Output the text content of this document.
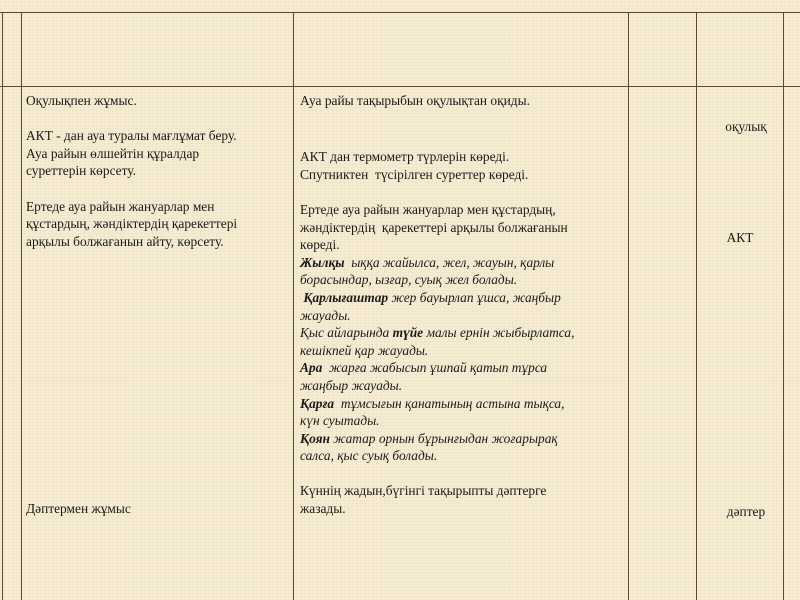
Оқулықпен жұмыс.

АКТ - дан ауа туралы мағлұмат беру.

Ауа райын өлшейтін құралдар

суреттерін көрсету.

Ертеде ауа райын жануарлар мен

құстардың, жәндіктердің қарекеттері

арқылы болжағанын айту, көрсету.

Дәптермен жұмыс

Ауа райы тақырыбын оқулықтан оқиды.

АКТ дан термометр түрлерін көреді.

Спутниктен  түсірілген суреттер көреді.

Ертеде ауа райын жануарлар мен құстардың,

жәндіктердің  қарекеттері арқылы болжағанын

көреді.

Жылқы  ыққа жайылса, жел, жауын, қарлы

борасындар, ызғар, суық жел болады.

Қарлығаштар жер бауырлап ұшса, жаңбыр

жауады.

Қыс айларында түйе малы ернін жыбырлатса,

кешікпей қар жауады.

Ара  жарға жабысып ұшпай қатып тұрса

жаңбыр жауады.

Қарға  тұмсығын қанатының астына тықса,

күн суытады.

Қоян жатар орнын бұрынғыдан жоғарырақ

салса, қыс суық болады.

Күннің жадын,бүгінгі тақырыпты дәптерге

жазады.

оқулық
АКТ
дәптер
